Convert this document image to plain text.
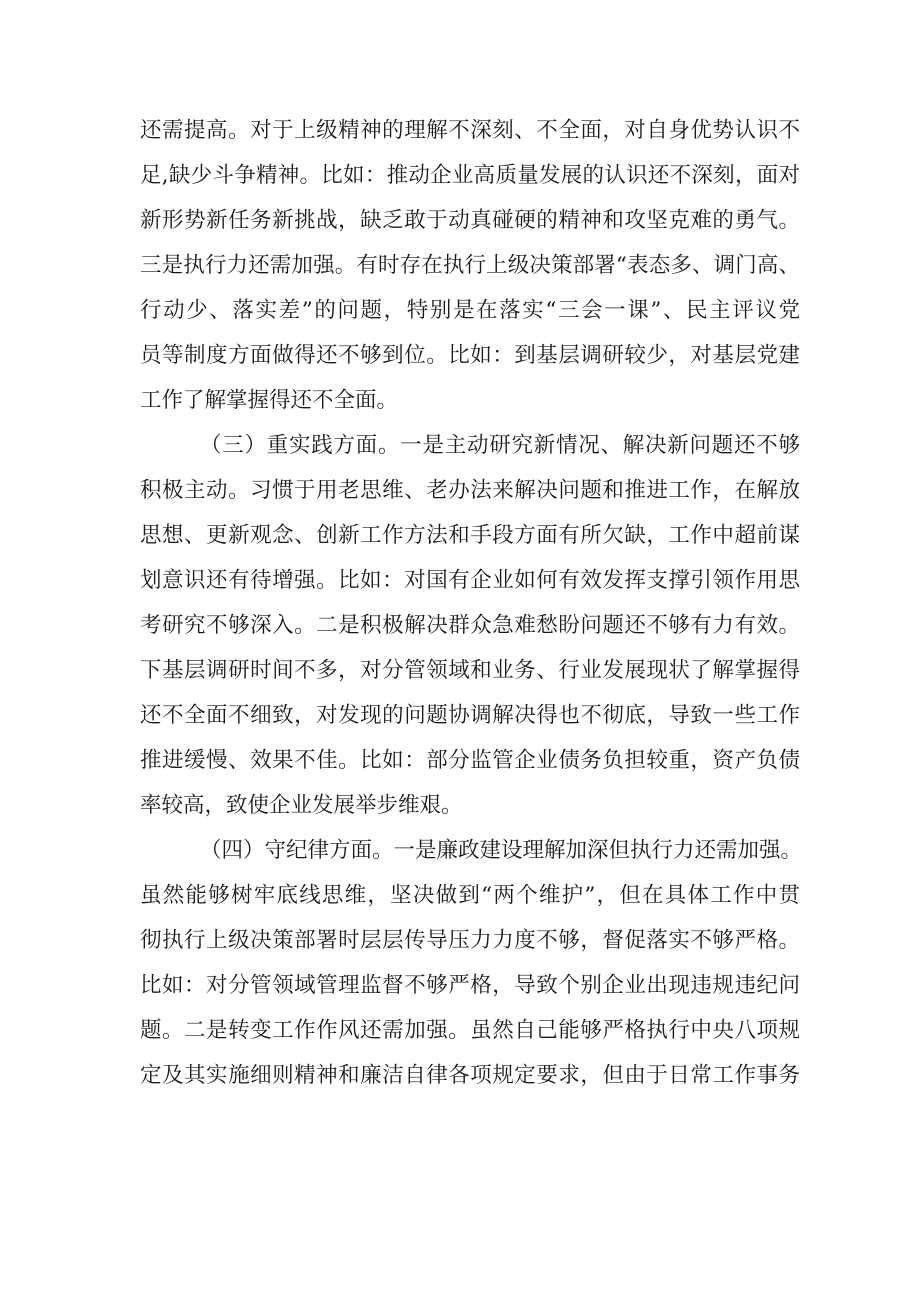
还需提高。对于上级精神的理解不深刻、不全面，对自身优势认识不
足,缺少斗争精神。比如：推动企业高质量发展的认识还不深刻，面对
新形势新任务新挑战，缺乏敢于动真碰硬的精神和攻坚克难的勇气。
三是执行力还需加强。有时存在执行上级决策部署“表态多、调门高、
行动少、落实差”的问题，特别是在落实“三会一课”、民主评议党
员等制度方面做得还不够到位。比如：到基层调研较少，对基层党建
工作了解掌握得还不全面。
（三）重实践方面。一是主动研究新情况、解决新问题还不够
积极主动。习惯于用老思维、老办法来解决问题和推进工作，在解放
思想、更新观念、创新工作方法和手段方面有所欠缺，工作中超前谋
划意识还有待增强。比如：对国有企业如何有效发挥支撑引领作用思
考研究不够深入。二是积极解决群众急难愁盼问题还不够有力有效。
下基层调研时间不多，对分管领域和业务、行业发展现状了解掌握得
还不全面不细致，对发现的问题协调解决得也不彻底，导致一些工作
推进缓慢、效果不佳。比如：部分监管企业债务负担较重，资产负债
率较高，致使企业发展举步维艰。
（四）守纪律方面。一是廉政建设理解加深但执行力还需加强。
虽然能够树牢底线思维，坚决做到“两个维护”，但在具体工作中贯
彻执行上级决策部署时层层传导压力力度不够，督促落实不够严格。
比如：对分管领域管理监督不够严格，导致个别企业出现违规违纪问
题。二是转变工作作风还需加强。虽然自己能够严格执行中央八项规
定及其实施细则精神和廉洁自律各项规定要求，但由于日常工作事务
